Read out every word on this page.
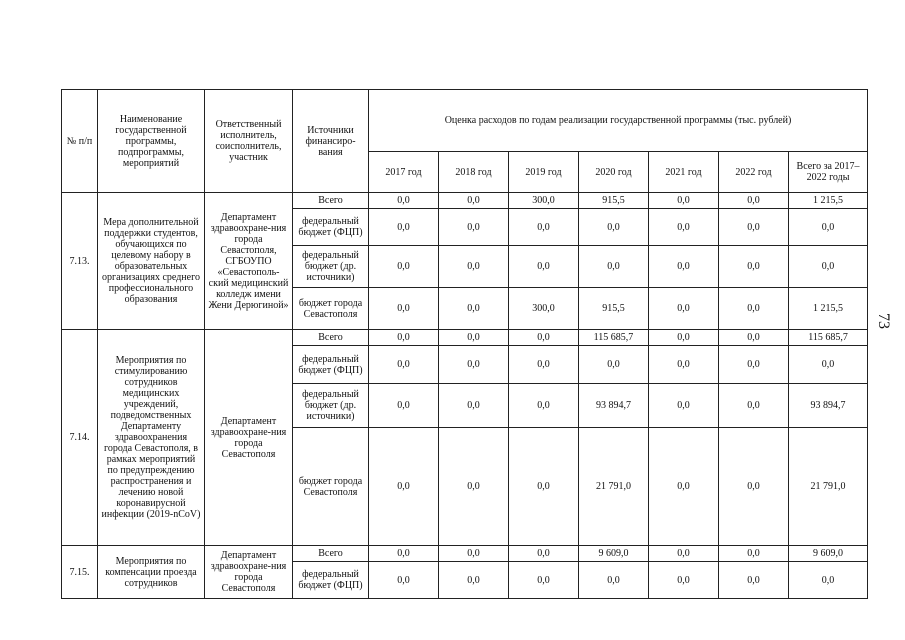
73
№ п/п	Наименование государственной программы, подпрограммы, мероприятий	Ответственный исполнитель, соисполнитель, участник	Источники финансиро-вания	Оценка расходов по годам реализации государственной программы (тыс. рублей)						
				2017 год	2018 год	2019 год	2020 год	2021 год	2022 год	Всего за 2017–2022 годы
7.13.	Мера дополнительной поддержки студентов, обучающихся по целевому набору в образовательных организациях среднего профессионального образования	Департамент здравоохране-ния города Севастополя, СГБОУПО «Севастополь-ский медицинский колледж имени Жени Дерюгиной»	Всего	0,0	0,0	300,0	915,5	0,0	0,0	1 215,5
			федеральный бюджет (ФЦП)	0,0	0,0	0,0	0,0	0,0	0,0	0,0
			федеральный бюджет (др. источники)	0,0	0,0	0,0	0,0	0,0	0,0	0,0
			бюджет города Севастополя	0,0	0,0	300,0	915,5	0,0	0,0	1 215,5
7.14.	Мероприятия по стимулированию сотрудников медицинских учреждений, подведомственных Департаменту здравоохранения города Севастополя, в рамках мероприятий по предупреждению распространения и лечению новой коронавирусной инфекции (2019-nCoV)	Департамент здравоохране-ния города Севастополя	Всего	0,0	0,0	0,0	115 685,7	0,0	0,0	115 685,7
			федеральный бюджет (ФЦП)	0,0	0,0	0,0	0,0	0,0	0,0	0,0
			федеральный бюджет (др. источники)	0,0	0,0	0,0	93 894,7	0,0	0,0	93 894,7
			бюджет города Севастополя	0,0	0,0	0,0	21 791,0	0,0	0,0	21 791,0
7.15.	Мероприятия по компенсации проезда сотрудников	Департамент здравоохране-ния города Севастополя	Всего	0,0	0,0	0,0	9 609,0	0,0	0,0	9 609,0
			федеральный бюджет (ФЦП)	0,0	0,0	0,0	0,0	0,0	0,0	0,0
